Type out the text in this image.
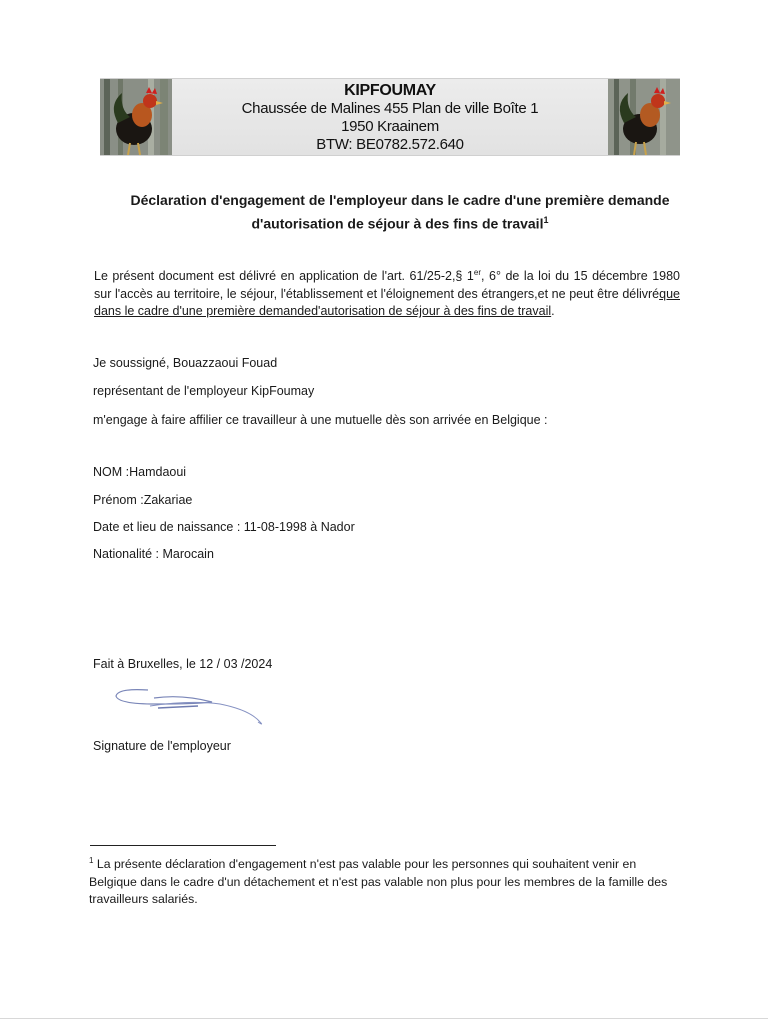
KIPFOUMAY
Chaussée de Malines 455 Plan de ville Boîte 1
1950 Kraainem
BTW: BE0782.572.640
Déclaration d'engagement de l'employeur dans le cadre d'une première demande
d'autorisation de séjour à des fins de travail$^1$
Le présent document est délivré en application de l'art. 61/25-2,§ 1er, 6° de la loi du 15 décembre 1980 sur l'accès au territoire, le séjour, l'établissement et l'éloignement des étrangers,et ne peut être délivréque dans le cadre d'une première demanded'autorisation de séjour à des fins de travail.
Je soussigné, Bouazzaoui Fouad
représentant de l'employeur KipFoumay
m'engage à faire affilier ce travailleur à une mutuelle dès son arrivée en Belgique :
NOM :Hamdaoui
Prénom :Zakariae
Date et lieu de naissance : 11-08-1998 à Nador
Nationalité : Marocain
Fait à Bruxelles, le 12 / 03 /2024
Signature de l'employeur
$^1$ La présente déclaration d'engagement n'est pas valable pour les personnes qui souhaitent venir en Belgique dans le cadre d'un détachement et n'est pas valable non plus pour les membres de la famille des travailleurs salariés.
